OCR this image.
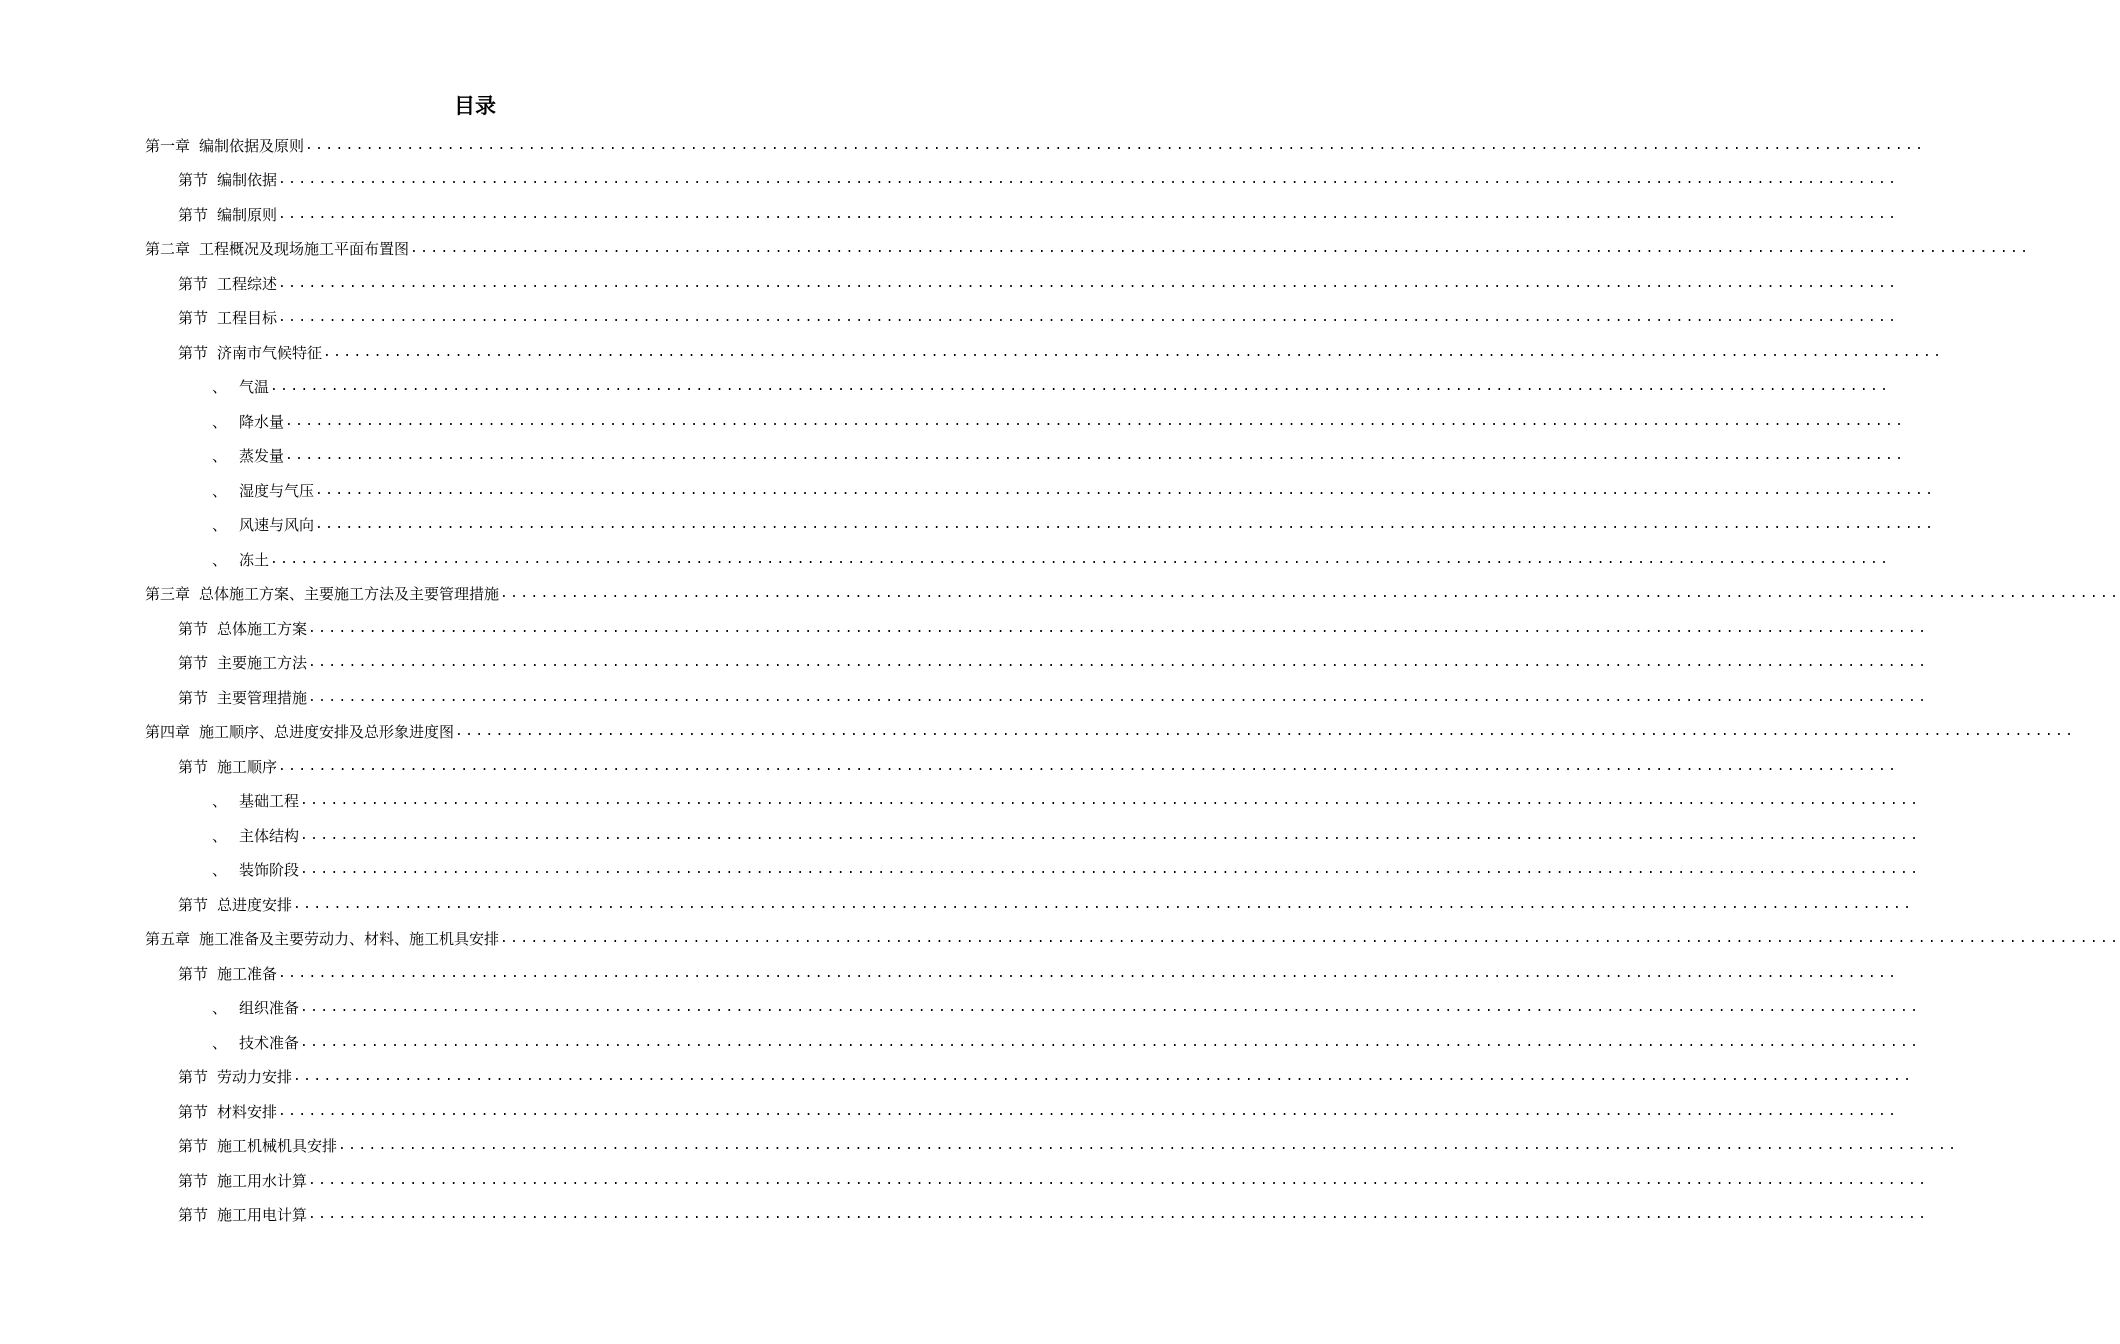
目录
第一章 编制依据及原则 ................................................................................................................................................................
第节 编制依据 ................................................................................................................................................................
第节 编制原则 ................................................................................................................................................................
第二章 工程概况及现场施工平面布置图 ................................................................................................................................................................
第节 工程综述 ................................................................................................................................................................
第节 工程目标 ................................................................................................................................................................
第节 济南市气候特征 ................................................................................................................................................................
、 气温 ................................................................................................................................................................
、 降水量 ................................................................................................................................................................
、 蒸发量 ................................................................................................................................................................
、 湿度与气压 ................................................................................................................................................................
、 风速与风向 ................................................................................................................................................................
、 冻土 ................................................................................................................................................................
第三章 总体施工方案、主要施工方法及主要管理措施 ................................................................................................................................................................
第节 总体施工方案 ................................................................................................................................................................
第节 主要施工方法 ................................................................................................................................................................
第节 主要管理措施 ................................................................................................................................................................
第四章 施工顺序、总进度安排及总形象进度图 ................................................................................................................................................................
第节 施工顺序 ................................................................................................................................................................
、 基础工程 ................................................................................................................................................................
、 主体结构 ................................................................................................................................................................
、 装饰阶段 ................................................................................................................................................................
第节 总进度安排 ................................................................................................................................................................
第五章 施工准备及主要劳动力、材料、施工机具安排 ................................................................................................................................................................
第节 施工准备 ................................................................................................................................................................
、 组织准备 ................................................................................................................................................................
、 技术准备 ................................................................................................................................................................
第节 劳动力安排 ................................................................................................................................................................
第节 材料安排 ................................................................................................................................................................
第节 施工机械机具安排 ................................................................................................................................................................
第节 施工用水计算 ................................................................................................................................................................
第节 施工用电计算 ................................................................................................................................................................
